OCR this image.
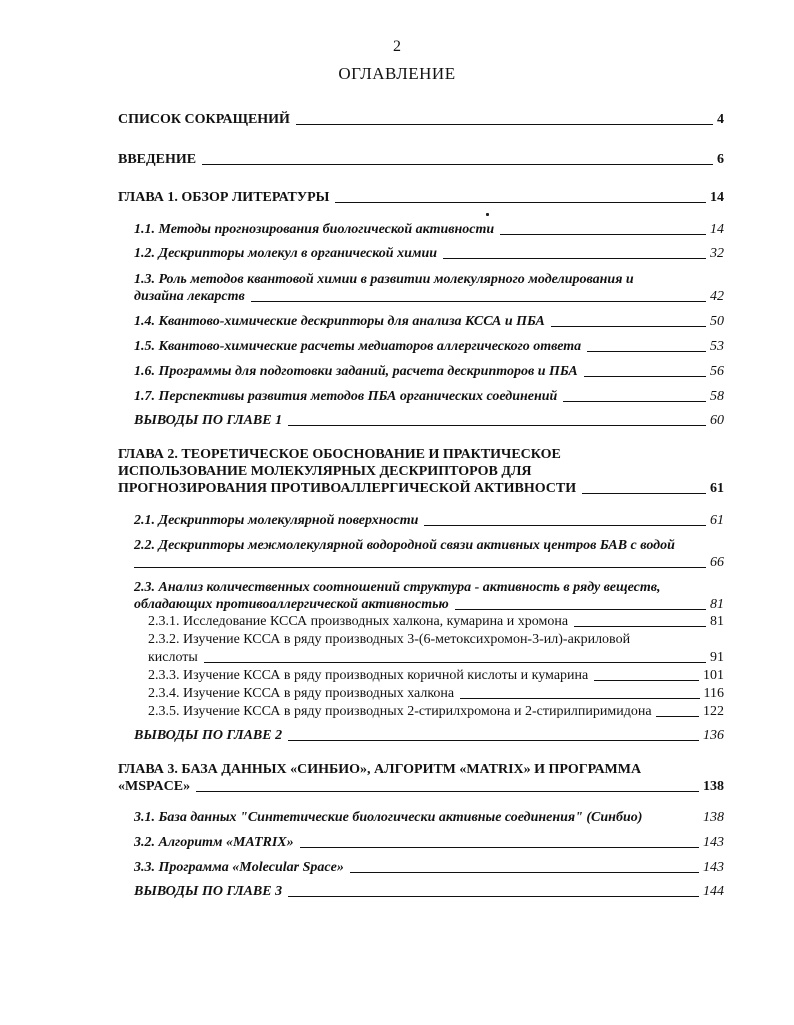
2
ОГЛАВЛЕНИЕ
СПИСОК СОКРАЩЕНИЙ	4
ВВЕДЕНИЕ	6
ГЛАВА 1. ОБЗОР ЛИТЕРАТУРЫ	14
1.1. Методы прогнозирования биологической активности	14
1.2. Дескрипторы молекул в органической химии	32
1.3. Роль методов квантовой химии в развитии молекулярного моделирования и
дизайна лекарств	42
1.4. Квантово-химические дескрипторы для анализа КССА и ПБА	50
1.5. Квантово-химические расчеты медиаторов аллергического ответа	53
1.6. Программы для подготовки заданий, расчета дескрипторов и ПБА	56
1.7. Перспективы развития методов ПБА органических соединений	58
ВЫВОДЫ ПО ГЛАВЕ 1	60
ГЛАВА 2. ТЕОРЕТИЧЕСКОЕ ОБОСНОВАНИЕ И ПРАКТИЧЕСКОЕ
ИСПОЛЬЗОВАНИЕ МОЛЕКУЛЯРНЫХ ДЕСКРИПТОРОВ ДЛЯ
ПРОГНОЗИРОВАНИЯ ПРОТИВОАЛЛЕРГИЧЕСКОЙ АКТИВНОСТИ	61
2.1. Дескрипторы молекулярной поверхности	61
2.2. Дескрипторы межмолекулярной водородной связи активных центров БАВ с водой
66
2.3. Анализ количественных соотношений структура - активность в ряду веществ,
обладающих противоаллергической активностью	81
2.3.1. Исследование КССА производных халкона, кумарина и хромона	81
2.3.2. Изучение КССА в ряду производных 3-(6-метоксихромон-3-ил)-акриловой
кислоты	91
2.3.3. Изучение КССА в ряду производных коричной кислоты и кумарина	101
2.3.4. Изучение КССА в ряду производных халкона	116
2.3.5. Изучение КССА в ряду производных 2-стирилхромона и 2-стирилпиримидона	122
ВЫВОДЫ ПО ГЛАВЕ 2	136
ГЛАВА 3. БАЗА ДАННЫХ «СИНБИО», АЛГОРИТМ «MATRIX» И ПРОГРАММА
«MSPACE»	138
3.1. База данных "Синтетические биологически активные соединения" (Синбио)	138
3.2. Алгоритм «MATRIX»	143
3.3. Программа «Molecular Space»	143
ВЫВОДЫ ПО ГЛАВЕ 3	144
